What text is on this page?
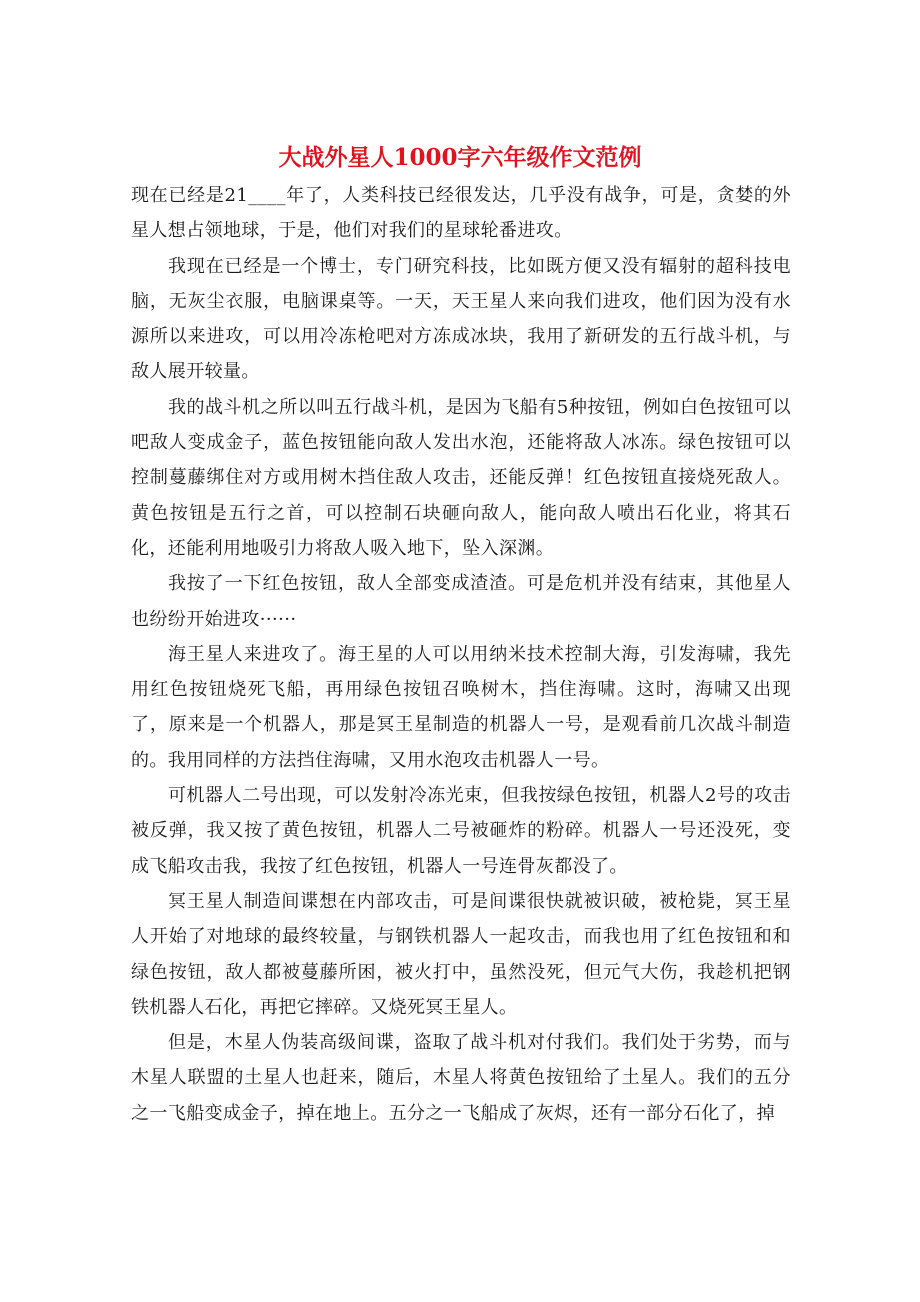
大战外星人1000字六年级作文范例

现在已经是21____年了，人类科技已经很发达，几乎没有战争，可是，贪婪的外星人想占领地球，于是，他们对我们的星球轮番进攻。

我现在已经是一个博士，专门研究科技，比如既方便又没有辐射的超科技电脑，无灰尘衣服，电脑课桌等。一天，天王星人来向我们进攻，他们因为没有水源所以来进攻，可以用冷冻枪吧对方冻成冰块，我用了新研发的五行战斗机，与敌人展开较量。

我的战斗机之所以叫五行战斗机，是因为飞船有5种按钮，例如白色按钮可以吧敌人变成金子，蓝色按钮能向敌人发出水泡，还能将敌人冰冻。绿色按钮可以控制蔓藤绑住对方或用树木挡住敌人攻击，还能反弹！红色按钮直接烧死敌人。黄色按钮是五行之首，可以控制石块砸向敌人，能向敌人喷出石化业，将其石化，还能利用地吸引力将敌人吸入地下，坠入深渊。

我按了一下红色按钮，敌人全部变成渣渣。可是危机并没有结束，其他星人也纷纷开始进攻······

海王星人来进攻了。海王星的人可以用纳米技术控制大海，引发海啸，我先用红色按钮烧死飞船，再用绿色按钮召唤树木，挡住海啸。这时，海啸又出现了，原来是一个机器人，那是冥王星制造的机器人一号，是观看前几次战斗制造的。我用同样的方法挡住海啸，又用水泡攻击机器人一号。

可机器人二号出现，可以发射冷冻光束，但我按绿色按钮，机器人2号的攻击被反弹，我又按了黄色按钮，机器人二号被砸炸的粉碎。机器人一号还没死，变成飞船攻击我，我按了红色按钮，机器人一号连骨灰都没了。

冥王星人制造间谍想在内部攻击，可是间谍很快就被识破，被枪毙，冥王星人开始了对地球的最终较量，与钢铁机器人一起攻击，而我也用了红色按钮和和绿色按钮，敌人都被蔓藤所困，被火打中，虽然没死，但元气大伤，我趁机把钢铁机器人石化，再把它摔碎。又烧死冥王星人。

但是，木星人伪装高级间谍，盗取了战斗机对付我们。我们处于劣势，而与木星人联盟的土星人也赶来，随后，木星人将黄色按钮给了土星人。我们的五分之一飞船变成金子，掉在地上。五分之一飞船成了灰烬，还有一部分石化了，掉
